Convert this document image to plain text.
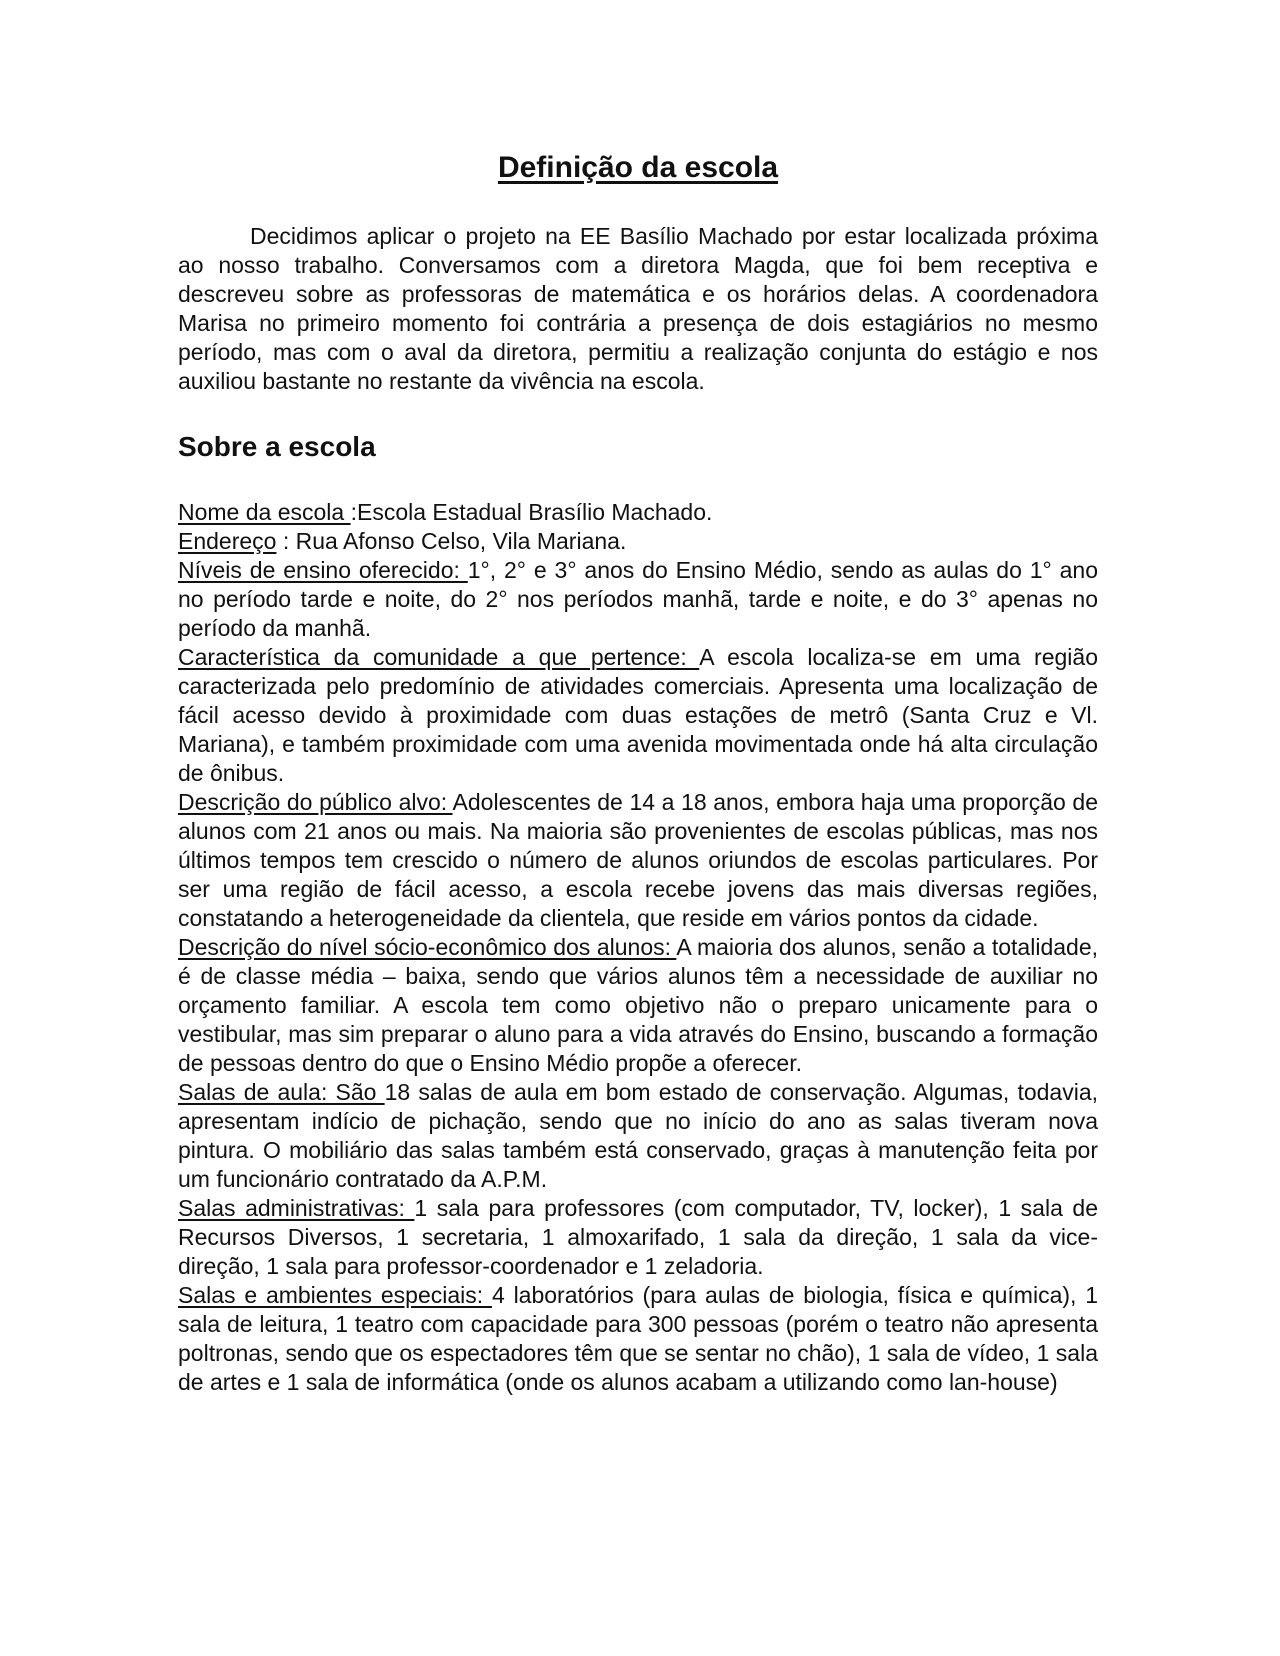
Definição da escola

Decidimos aplicar o projeto na EE Basílio Machado por estar localizada próxima ao nosso trabalho. Conversamos com a diretora Magda, que foi bem receptiva e descreveu sobre as professoras de matemática e os horários delas. A coordenadora Marisa no primeiro momento foi contrária a presença de dois estagiários no mesmo período, mas com o aval da diretora, permitiu a realização conjunta do estágio e nos auxiliou bastante no restante da vivência na escola.

Sobre a escola

Nome da escola :Escola Estadual Brasílio Machado.

Endereço : Rua Afonso Celso, Vila Mariana.

Níveis de ensino oferecido: 1°, 2° e 3° anos do Ensino Médio, sendo as aulas do 1° ano no período tarde e noite, do 2° nos períodos manhã, tarde e noite, e do 3° apenas no período da manhã.

Característica da comunidade a que pertence: A escola localiza-se em uma região caracterizada pelo predomínio de atividades comerciais. Apresenta uma localização de fácil acesso devido à proximidade com duas estações de metrô (Santa Cruz e Vl. Mariana), e também proximidade com uma avenida movimentada onde há alta circulação de ônibus.

Descrição do público alvo: Adolescentes de 14 a 18 anos, embora haja uma proporção de alunos com 21 anos ou mais. Na maioria são provenientes de escolas públicas, mas nos últimos tempos tem crescido o número de alunos oriundos de escolas particulares. Por ser uma região de fácil acesso, a escola recebe jovens das mais diversas regiões, constatando a heterogeneidade da clientela, que reside em vários pontos da cidade.

Descrição do nível sócio-econômico dos alunos: A maioria dos alunos, senão a totalidade, é de classe média – baixa, sendo que vários alunos têm a necessidade de auxiliar no orçamento familiar. A escola tem como objetivo não o preparo unicamente para o vestibular, mas sim preparar o aluno para a vida através do Ensino, buscando a formação de pessoas dentro do que o Ensino Médio propõe a oferecer.

Salas de aula: São 18 salas de aula em bom estado de conservação. Algumas, todavia, apresentam indício de pichação, sendo que no início do ano as salas tiveram nova pintura. O mobiliário das salas também está conservado, graças à manutenção feita por um funcionário contratado da A.P.M.

Salas administrativas: 1 sala para professores (com computador, TV, locker), 1 sala de Recursos Diversos, 1 secretaria, 1 almoxarifado, 1 sala da direção, 1 sala da vice-direção, 1 sala para professor-coordenador e 1 zeladoria.

Salas e ambientes especiais: 4 laboratórios (para aulas de biologia, física e química), 1 sala de leitura, 1 teatro com capacidade para 300 pessoas (porém o teatro não apresenta poltronas, sendo que os espectadores têm que se sentar no chão), 1 sala de vídeo, 1 sala de artes e 1 sala de informática (onde os alunos acabam a utilizando como lan-house)
